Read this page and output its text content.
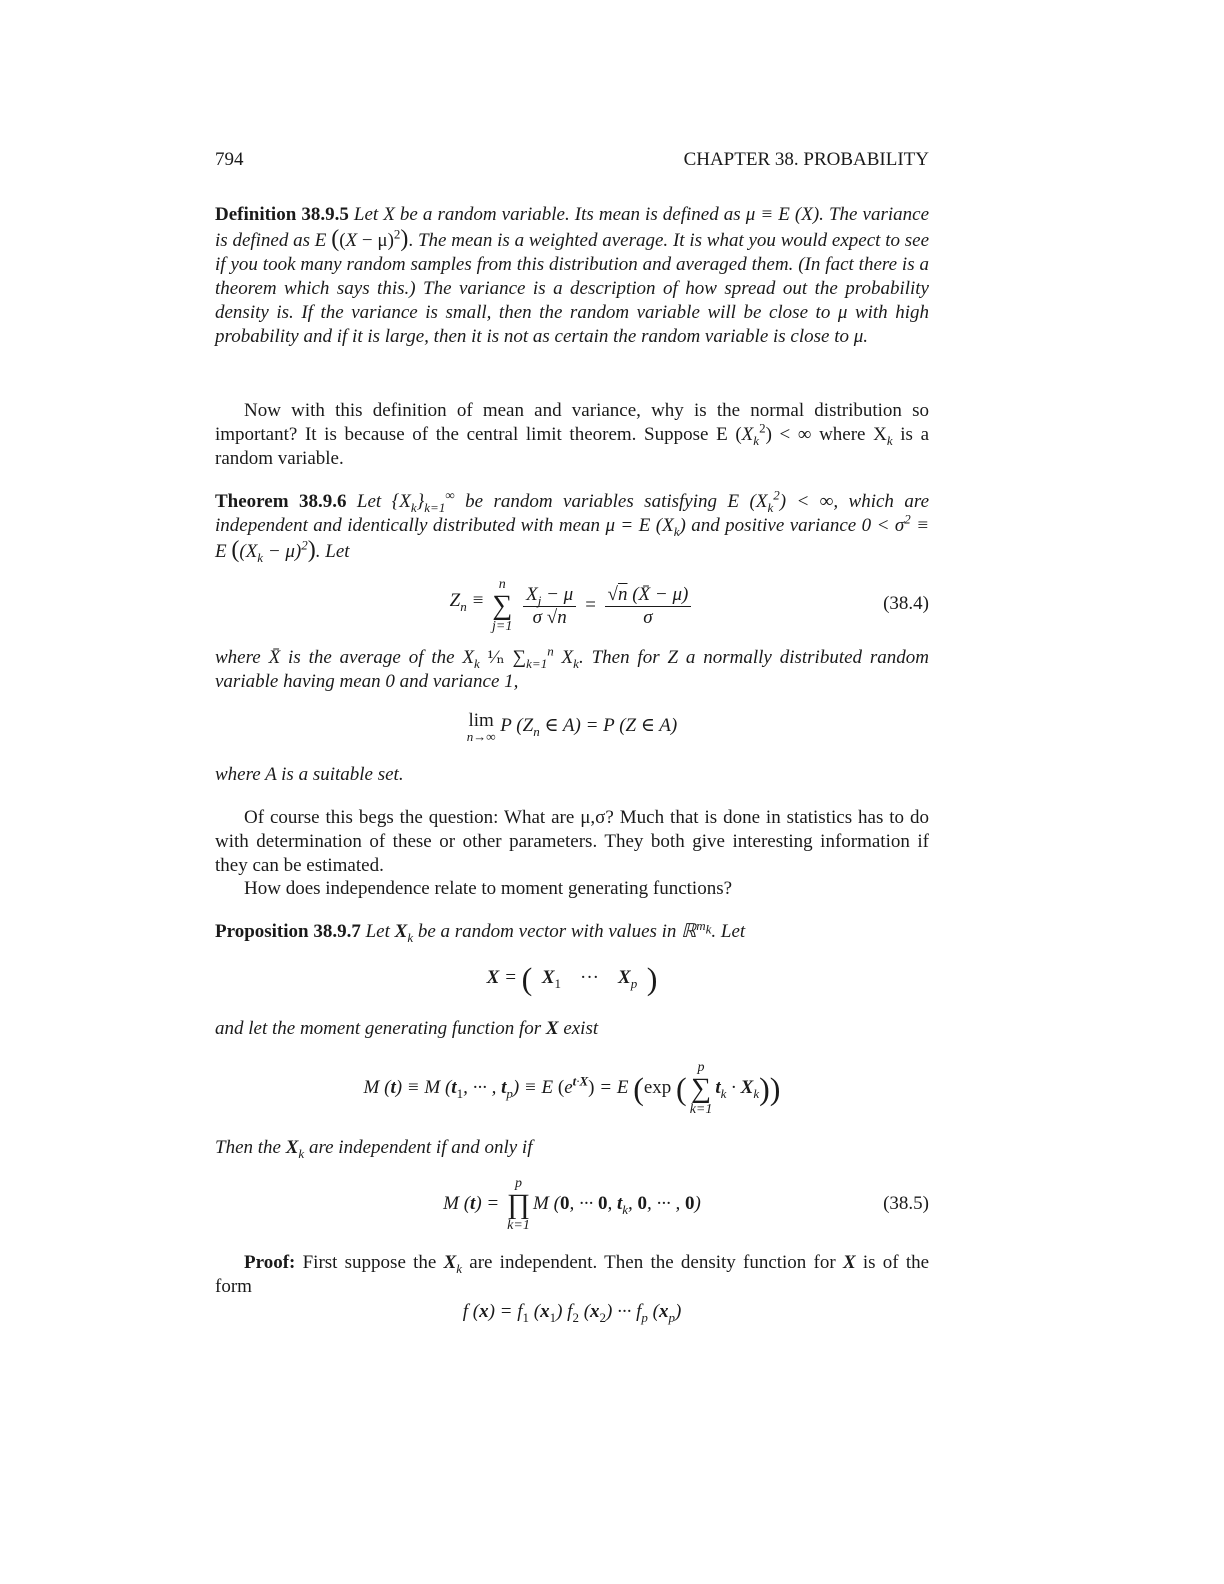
794	CHAPTER 38. PROBABILITY
Definition 38.9.5 Let X be a random variable. Its mean is defined as μ ≡ E (X). The variance is defined as E $((X - \mu)^2)$. The mean is a weighted average. It is what you would expect to see if you took many random samples from this distribution and averaged them. (In fact there is a theorem which says this.) The variance is a description of how spread out the probability density is. If the variance is small, then the random variable will be close to μ with high probability and if it is large, then it is not as certain the random variable is close to μ.
Now with this definition of mean and variance, why is the normal distribution so important? It is because of the central limit theorem. Suppose E $(X_k^2)$ < ∞ where $X_k$ is a random variable.
Theorem 38.9.6 Let $\{X_k\}_{k=1}^\infty$ be random variables satisfying E $(X_k^2)$ < ∞, which are independent and identically distributed with mean μ = E $(X_k)$ and positive variance $0 < \sigma^2 \equiv E$ $((X_k - \mu)^2)$. Let
$Z_n \equiv n$
∑
$j=1 \frac{X_j - \mu}{\sigma √n} = \frac{√n (X̄ - \mu)}{\sigma}$	(38.4)
where X̄ is the average of the $X_k$ ¹⁄ₙ $\sum_{k=1}^n$ $X_k$. Then for Z a normally distributed random variable having mean 0 and variance 1,
lim
n→∞
P ($Z_n$ ∈ A) = P (Z ∈ A)
where A is a suitable set.
Of course this begs the question: What are μ,σ? Much that is done in statistics has to do with determination of these or other parameters. They both give interesting information if they can be estimated.
How does independence relate to moment generating functions?
Proposition 38.9.7 Let $X_k$ be a random vector with values in ℝ$^{m_k}$. Let
X = ( $X_1$ ··· $X_p$ )
and let the moment generating function for X exist
M (t) ≡ M ($t_1$, ··· , $t_p) \equiv E$ $(e^{t\cdot X}) = E$ (exp (p
∑
$k=1t_k \cdot X_k$))
Then the $X_k$ are independent if and only if
M (t) = p
∏
k=1M (0, ··· 0, $t_k$, 0, ··· , 0)	(38.5)
Proof: First suppose the $X_k$ are independent. Then the density function for X is of the form
f $(x) = f_1$ $(x_1)$ $f_2$ $(x_2)$ ··· $f_p$ $(x_p)$
